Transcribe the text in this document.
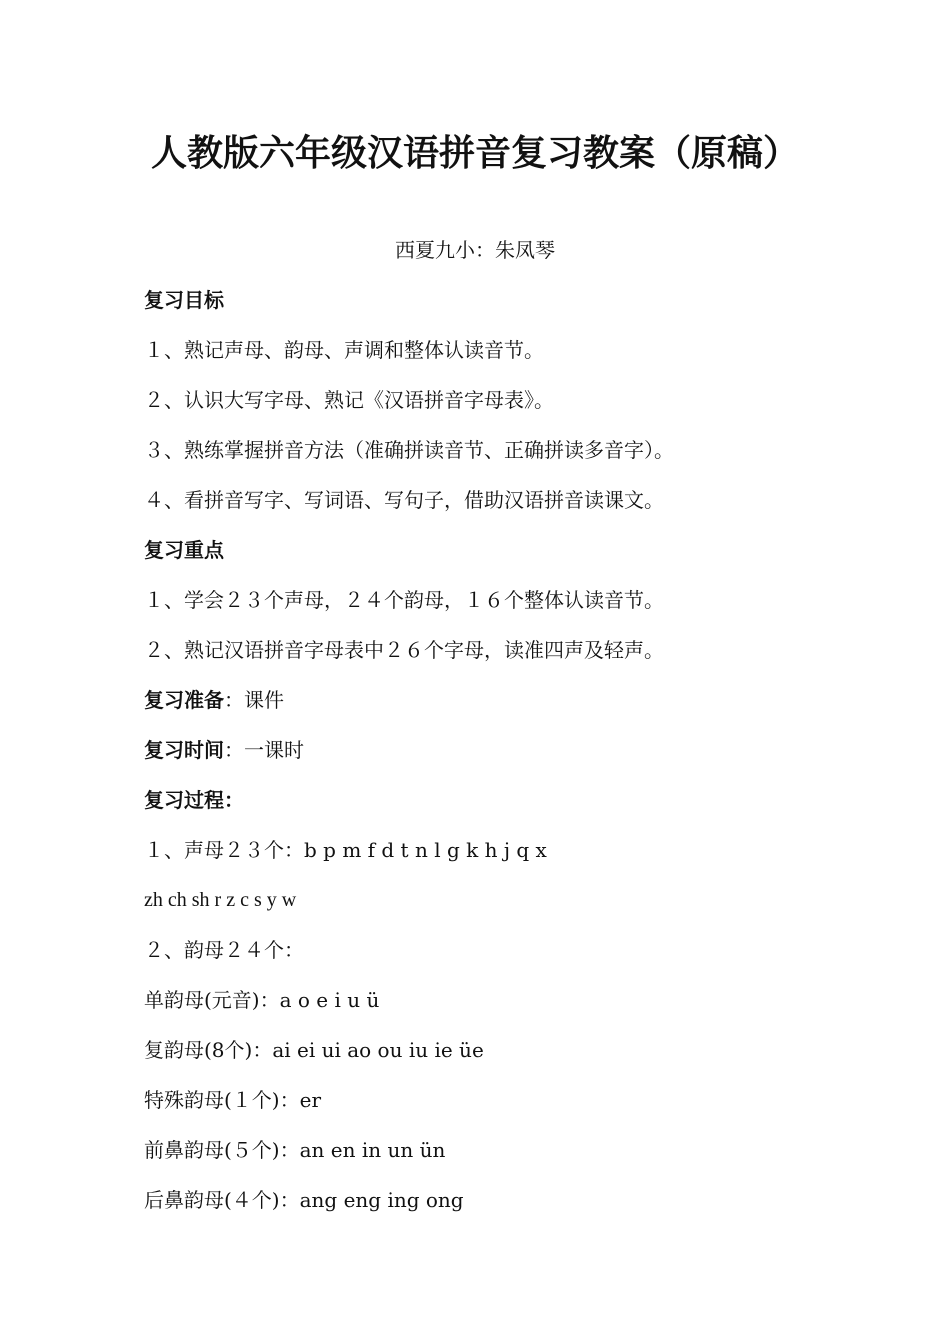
人教版六年级汉语拼音复习教案（原稿）
西夏九小：朱凤琴
复习目标
１、熟记声母、韵母、声调和整体认读音节。
２、认识大写字母、熟记《汉语拼音字母表》。
３、熟练掌握拼音方法（准确拼读音节、正确拼读多音字）。
４、看拼音写字、写词语、写句子，借助汉语拼音读课文。
复习重点
１、学会２３个声母，２４个韵母，１６个整体认读音节。
２、熟记汉语拼音字母表中２６个字母，读准四声及轻声。
复习准备：课件
复习时间：一课时
复习过程：
１、声母２３个：b p m f d t n l g k h j q x
zh ch sh r z c s y w
２、韵母２４个：
单韵母(元音)：a o e i u ü
复韵母(8个)：ai ei ui ao ou iu ie üe
特殊韵母(１个)：er
前鼻韵母(５个)：an en in un ün
后鼻韵母(４个)：ang eng ing ong
